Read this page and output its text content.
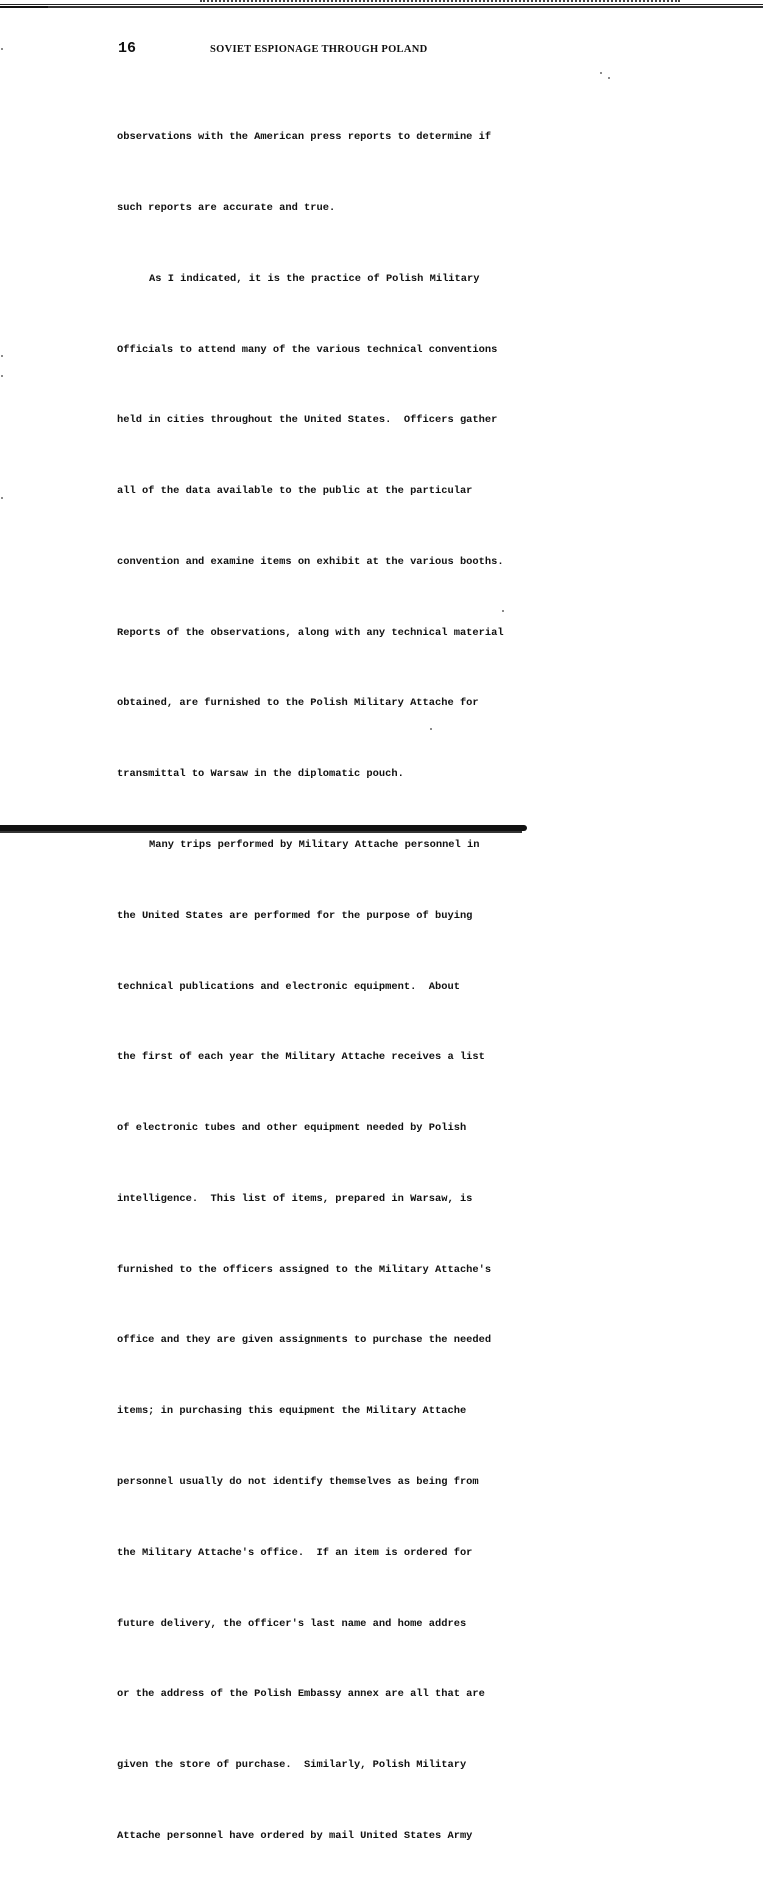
16	SOVIET ESPIONAGE THROUGH POLAND

observations with the American press reports to determine if

such reports are accurate and true.

As I indicated, it is the practice of Polish Military

Officials to attend many of the various technical conventions

held in cities throughout the United States.  Officers gather

all of the data available to the public at the particular

convention and examine items on exhibit at the various booths.

Reports of the observations, along with any technical material

obtained, are furnished to the Polish Military Attache for

transmittal to Warsaw in the diplomatic pouch.

Many trips performed by Military Attache personnel in

the United States are performed for the purpose of buying

technical publications and electronic equipment.  About

the first of each year the Military Attache receives a list

of electronic tubes and other equipment needed by Polish

intelligence.  This list of items, prepared in Warsaw, is

furnished to the officers assigned to the Military Attache's

office and they are given assignments to purchase the needed

items; in purchasing this equipment the Military Attache

personnel usually do not identify themselves as being from

the Military Attache's office.  If an item is ordered for

future delivery, the officer's last name and home addres

or the address of the Polish Embassy annex are all that are

given the store of purchase.  Similarly, Polish Military

Attache personnel have ordered by mail United States Army
